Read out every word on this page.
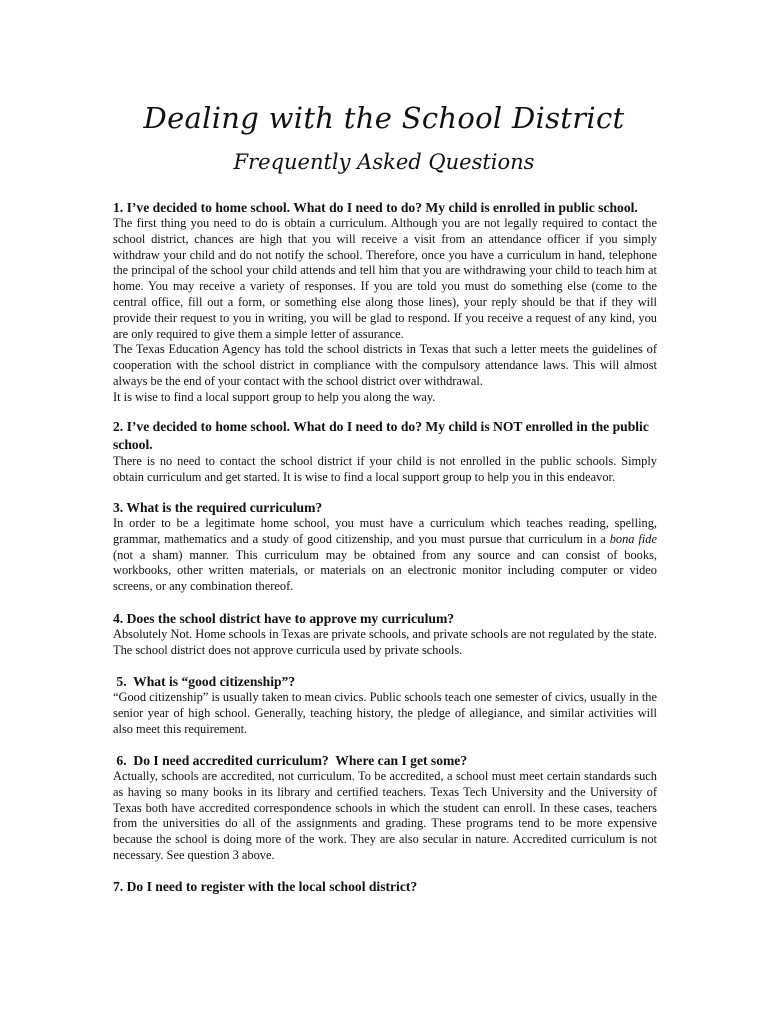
Dealing with the School District
Frequently Asked Questions

1. I’ve decided to home school. What do I need to do? My child is enrolled in public school.

The first thing you need to do is obtain a curriculum. Although you are not legally required to contact the school district, chances are high that you will receive a visit from an attendance officer if you simply withdraw your child and do not notify the school. Therefore, once you have a curriculum in hand, telephone the principal of the school your child attends and tell him that you are withdrawing your child to teach him at home. You may receive a variety of responses. If you are told you must do something else (come to the central office, fill out a form, or something else along those lines), your reply should be that if they will provide their request to you in writing, you will be glad to respond. If you receive a request of any kind, you are only required to give them a simple letter of assurance.

The Texas Education Agency has told the school districts in Texas that such a letter meets the guidelines of cooperation with the school district in compliance with the compulsory attendance laws. This will almost always be the end of your contact with the school district over withdrawal.

It is wise to find a local support group to help you along the way.

2. I’ve decided to home school. What do I need to do? My child is NOT enrolled in the public school.

There is no need to contact the school district if your child is not enrolled in the public schools. Simply obtain curriculum and get started. It is wise to find a local support group to help you in this endeavor.

3. What is the required curriculum?

In order to be a legitimate home school, you must have a curriculum which teaches reading, spelling, grammar, mathematics and a study of good citizenship, and you must pursue that curriculum in a bona fide (not a sham) manner. This curriculum may be obtained from any source and can consist of books, workbooks, other written materials, or materials on an electronic monitor including computer or video screens, or any combination thereof.

4. Does the school district have to approve my curriculum?

Absolutely Not. Home schools in Texas are private schools, and private schools are not regulated by the state. The school district does not approve curricula used by private schools.

5.  What is “good citizenship”?

“Good citizenship” is usually taken to mean civics. Public schools teach one semester of civics, usually in the senior year of high school. Generally, teaching history, the pledge of allegiance, and similar activities will also meet this requirement.

6.  Do I need accredited curriculum?  Where can I get some?

Actually, schools are accredited, not curriculum. To be accredited, a school must meet certain standards such as having so many books in its library and certified teachers. Texas Tech University and the University of Texas both have accredited correspondence schools in which the student can enroll. In these cases, teachers from the universities do all of the assignments and grading. These programs tend to be more expensive because the school is doing more of the work. They are also secular in nature. Accredited curriculum is not necessary. See question 3 above.

7. Do I need to register with the local school district?
